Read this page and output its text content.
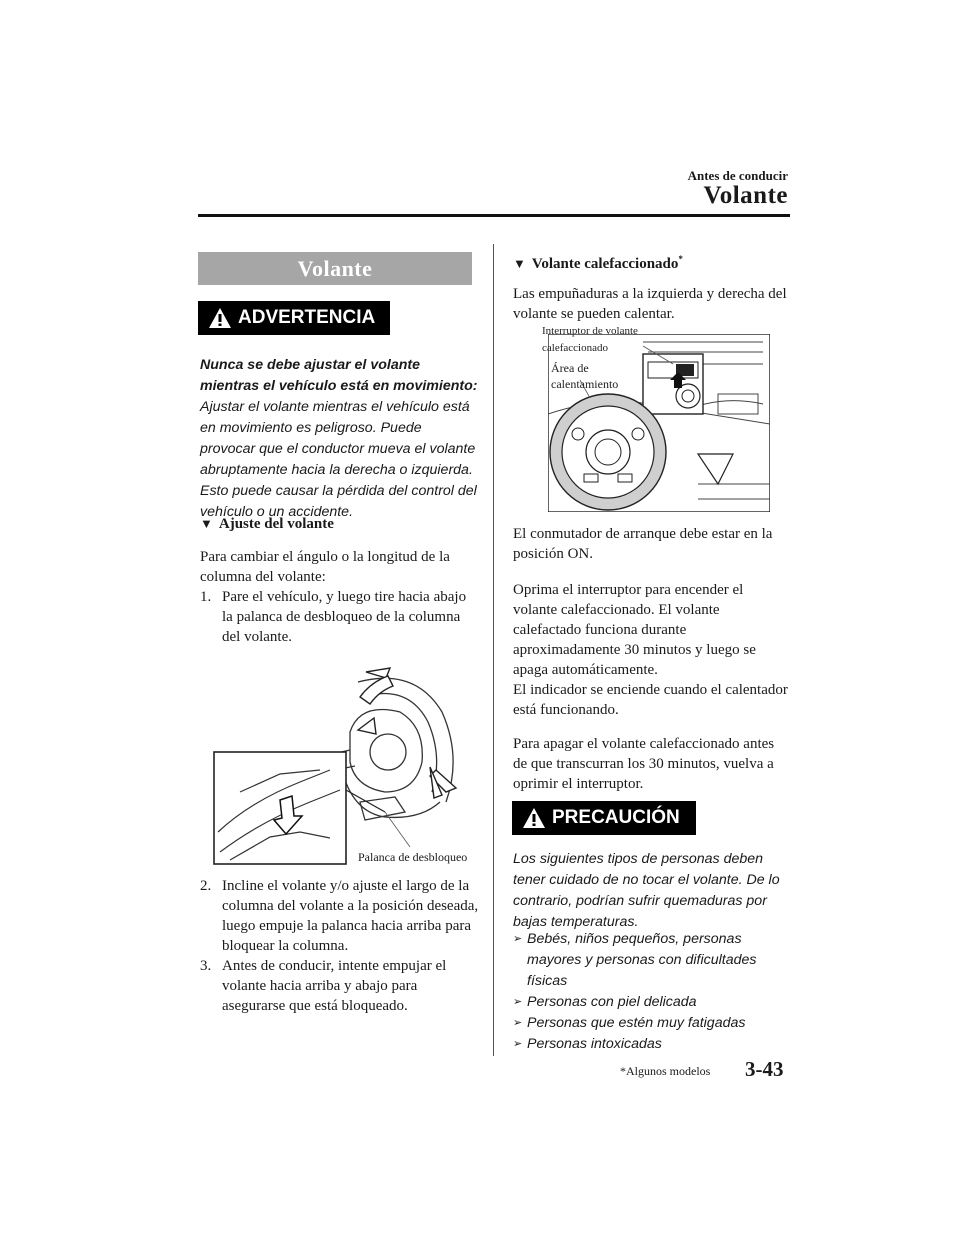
Antes de conducir
Volante
Volante
ADVERTENCIA
Nunca se debe ajustar el volante mientras el vehículo está en movimiento:
Ajustar el volante mientras el vehículo está en movimiento es peligroso. Puede provocar que el conductor mueva el volante abruptamente hacia la derecha o izquierda. Esto puede causar la pérdida del control del vehículo o un accidente.
▼ Ajuste del volante
Para cambiar el ángulo o la longitud de la columna del volante:
1. Pare el vehículo, y luego tire hacia abajo la palanca de desbloqueo de la columna del volante.
Palanca de desbloqueo
2. Incline el volante y/o ajuste el largo de la columna del volante a la posición deseada, luego empuje la palanca hacia arriba para bloquear la columna.
3. Antes de conducir, intente empujar el volante hacia arriba y abajo para asegurarse que está bloqueado.
▼ Volante calefaccionado*
Las empuñaduras a la izquierda y derecha del volante se pueden calentar.
Interruptor de volante calefaccionado
Área de calentamiento
El conmutador de arranque debe estar en la posición ON.
Oprima el interruptor para encender el volante calefaccionado. El volante calefactado funciona durante aproximadamente 30 minutos y luego se apaga automáticamente.
El indicador se enciende cuando el calentador está funcionando.
Para apagar el volante calefaccionado antes de que transcurran los 30 minutos, vuelva a oprimir el interruptor.
PRECAUCIÓN
Los siguientes tipos de personas deben tener cuidado de no tocar el volante. De lo contrario, podrían sufrir quemaduras por bajas temperaturas.
➢ Bebés, niños pequeños, personas mayores y personas con dificultades físicas
➢ Personas con piel delicada
➢ Personas que estén muy fatigadas
➢ Personas intoxicadas
*Algunos modelos 3-43
